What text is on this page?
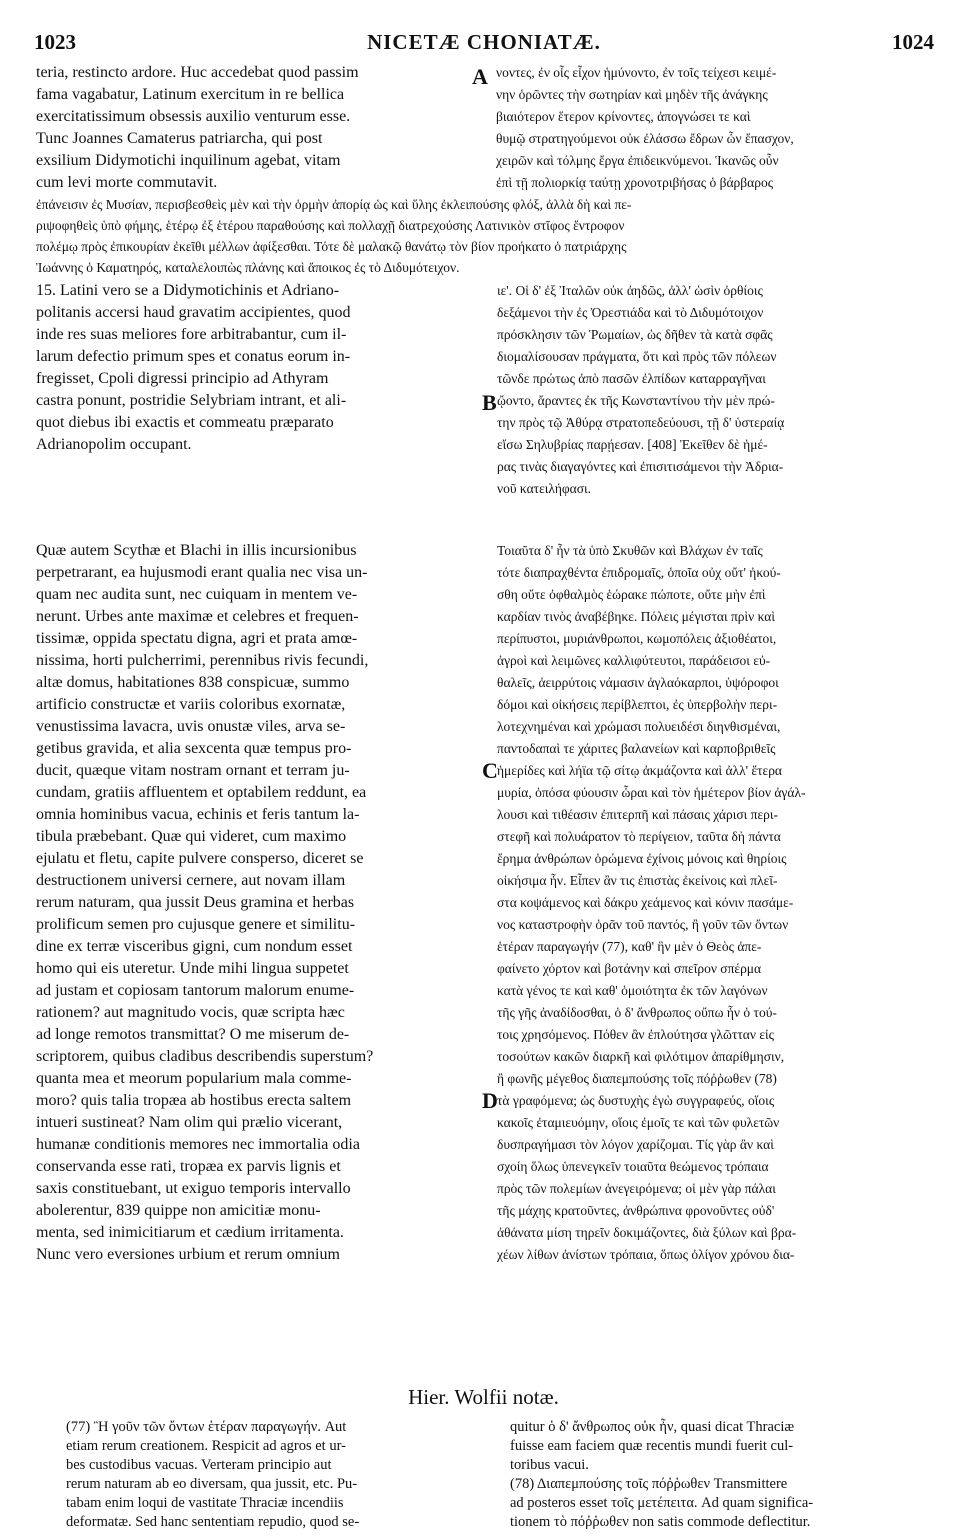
1023	NICETÆ CHONIATÆ.	1024
teria, restincto ardore. Huc accedebat quod passim
fama vagabatur, Latinum exercitum in re bellica
exercitatissimum obsessis auxilio venturum esse.
Tunc Joannes Camaterus patriarcha, qui post
exsilium Didymotichi inquilinum agebat, vitam
cum levi morte commutavit.
A νοντες, ἐν οἷς εἶχον ἡμύνοντο, ἐν τοῖς τείχεσι κειμέ-
νην ὁρῶντες τὴν σωτηρίαν καὶ μηδὲν τῆς ἀνάγκης
βιαιότερον ἕτερον κρίνοντες, ἀπογνώσει τε καὶ
θυμῷ στρατηγούμενοι οὐκ ἐλάσσω ἔδρων ὧν ἔπασχον,
χειρῶν καὶ τόλμης ἔργα ἐπιδεικνύμενοι. Ἱκανῶς οὖν
ἐπὶ τῇ πολιορκίᾳ ταύτῃ χρονοτριβήσας ὁ βάρβαρος
ἐπάνεισιν ἐς Μυσίαν, περισβεσθεὶς μὲν καὶ τὴν ὁρμὴν ἀπορίᾳ ὡς καὶ ὕλης ἐκλειπούσης φλόξ, ἀλλὰ δὴ καὶ πε-
ριψοφηθεὶς ὑπὸ φήμης, ἑτέρῳ ἐξ ἑτέρου παραθούσης καὶ πολλαχῇ διατρεχούσης Λατινικὸν στῖφος ἔντροφον
πολέμῳ πρὸς ἐπικουρίαν ἐκεῖθι μέλλων ἀφίξεσθαι. Τότε δὲ μαλακῷ θανάτῳ τὸν βίον προήκατο ὁ πατριάρχης
Ἰωάννης ὁ Καματηρός, καταλελοιπὼς πλάνης καὶ ἄποικος ἐς τὸ Διδυμότειχον.
15. Latini vero se a Didymotichinis et Adriano-
politanis accersi haud gravatim accipientes, quod
inde res suas meliores fore arbitrabantur, cum il-
larum defectio primum spes et conatus eorum in-
fregisset, Cpoli digressi principio ad Athyram
castra ponunt, postridie Selybriam intrant, et ali-
quot diebus ibi exactis et commeatu præparato
Adrianopolim occupant.
B
ιε'. Οἱ δ' ἐξ Ἰταλῶν οὐκ ἀηδῶς, ἀλλ' ὡσὶν ὀρθίοις
δεξάμενοι τὴν ἐς Ὀρεστιάδα καὶ τὸ Διδυμότοιχον
πρόσκλησιν τῶν Ῥωμαίων, ὡς δῆθεν τὰ κατὰ σφᾶς
διομαλίσουσαν πράγματα, ὅτι καὶ πρὸς τῶν πόλεων
τῶνδε πρώτως ἀπὸ πασῶν ἐλπίδων καταρραγῆναι
ᾤοντο, ἄραντες ἐκ τῆς Κωνσταντίνου τὴν μὲν πρώ-
την πρὸς τῷ Ἀθύρᾳ στρατοπεδεύουσι, τῇ δ' ὑστεραίᾳ
εἴσω Σηλυβρίας παρῄεσαν. [408] Ἐκεῖθεν δὲ ἡμέ-
ρας τινὰς διαγαγόντες καὶ ἐπισιτισάμενοι τὴν Ἀδρια-
νοῦ κατειλήφασι.
Quæ autem Scythæ et Blachi in illis incursionibus
perpetrarant, ea hujusmodi erant qualia nec visa un-
quam nec audita sunt, nec cuiquam in mentem ve-
nerunt. Urbes ante maximæ et celebres et frequen-
tissimæ, oppida spectatu digna, agri et prata amœ-
nissima, horti pulcherrimi, perennibus rivis fecundi,
altæ domus, habitationes 838 conspicuæ, summo
artificio constructæ et variis coloribus exornatæ,
venustissima lavacra, uvis onustæ viles, arva se-
getibus gravida, et alia sexcenta quæ tempus pro-
ducit, quæque vitam nostram ornant et terram ju-
cundam, gratiis affluentem et optabilem reddunt, ea
omnia hominibus vacua, echinis et feris tantum la-
tibula præbebant. Quæ qui videret, cum maximo
ejulatu et fletu, capite pulvere consperso, diceret se
destructionem universi cernere, aut novam illam
rerum naturam, qua jussit Deus gramina et herbas
prolificum semen pro cujusque genere et similitu-
dine ex terræ visceribus gigni, cum nondum esset
homo qui eis uteretur. Unde mihi lingua suppetet
ad justam et copiosam tantorum malorum enume-
rationem? aut magnitudo vocis, quæ scripta hæc
ad longe remotos transmittat? O me miserum de-
scriptorem, quibus cladibus describendis superstum?
quanta mea et meorum popularium mala comme-
moro? quis talia tropæa ab hostibus erecta saltem
intueri sustineat? Nam olim qui prælio vicerant,
humanæ conditionis memores nec immortalia odia
conservanda esse rati, tropæa ex parvis lignis et
saxis constituebant, ut exiguo temporis intervallo
abolerentur, 839 quippe non amicitiæ monu-
menta, sed inimicitiarum et cædium irritamenta.
Nunc vero eversiones urbium et rerum omnium
C
D
Τοιαῦτα δ' ἦν τὰ ὑπὸ Σκυθῶν καὶ Βλάχων ἐν ταῖς
τότε διαπραχθέντα ἐπιδρομαῖς, ὁποῖα οὐχ οὔτ' ἠκού-
σθη οὔτε ὀφθαλμὸς ἑώρακε πώποτε, οὔτε μὴν ἐπὶ
καρδίαν τινὸς ἀναβέβηκε. Πόλεις μέγισται πρὶν καὶ
περίπυστοι, μυριάνθρωποι, κωμοπόλεις ἀξιοθέατοι,
ἀγροὶ καὶ λειμῶνες καλλιφύτευτοι, παράδεισοι εὐ-
θαλεῖς, ἀειρρύτοις νάμασιν ἀγλαόκαρποι, ὑψόροφοι
δόμοι καὶ οἰκήσεις περίβλεπτοι, ἐς ὑπερβολὴν περι-
λοτεχνημέναι καὶ χρώμασι πολυειδέσι διηνθισμέναι,
παντοδαπαὶ τε χάριτες βαλανείων καὶ καρποβριθεῖς
ἡμερίδες καὶ λήϊα τῷ σίτῳ ἀκμάζοντα καὶ ἀλλ' ἕτερα
μυρία, ὁπόσα φύουσιν ὧραι καὶ τὸν ἡμέτερον βίον ἀγάλ-
λουσι καὶ τιθέασιν ἐπιτερπῆ καὶ πάσαις χάρισι περι-
στεφῆ καὶ πολυάρατον τὸ περίγειον, ταῦτα δὴ πάντα
ἔρημα ἀνθρώπων ὁρώμενα ἐχίνοις μόνοις καὶ θηρίοις
οἰκήσιμα ἦν. Εἶπεν ἂν τις ἐπιστὰς ἐκείνοις καὶ πλεῖ-
στα κοψάμενος καὶ δάκρυ χεάμενος καὶ κόνιν πασάμε-
νος καταστροφὴν ὁρᾶν τοῦ παντός, ἢ γοῦν τῶν ὄντων
ἑτέραν παραγωγήν (77), καθ' ἣν μὲν ὁ Θεὸς ἀπε-
φαίνετο χόρτον καὶ βοτάνην καὶ σπεῖρον σπέρμα
κατὰ γένος τε καὶ καθ' ὁμοιότητα ἐκ τῶν λαγόνων
τῆς γῆς ἀναδίδοσθαι, ὁ δ' ἄνθρωπος οὔπω ἦν ὁ τού-
τοις χρησόμενος. Πόθεν ἂν ἐπλούτησα γλῶτταν εἰς
τοσούτων κακῶν διαρκῆ καὶ φιλότιμον ἀπαρίθμησιν,
ἢ φωνῆς μέγεθος διαπεμπούσης τοῖς πόῤῥωθεν (78)
τὰ γραφόμενα; ὡς δυστυχὴς ἐγὼ συγγραφεύς, οἵοις
κακοῖς ἐταμιευόμην, οἵοις ἐμοῖς τε καὶ τῶν φυλετῶν
δυσπραγήμασι τὸν λόγον χαρίζομαι. Τίς γὰρ ἂν καὶ
σχοίη ὅλως ὑπενεγκεῖν τοιαῦτα θεώμενος τρόπαια
πρὸς τῶν πολεμίων ἀνεγειρόμενα; οἱ μὲν γὰρ πάλαι
τῆς μάχης κρατοῦντες, ἀνθρώπινα φρονοῦντες οὐδ'
ἀθάνατα μίση τηρεῖν δοκιμάζοντες, διὰ ξύλων καὶ βρα-
χέων λίθων ἀνίστων τρόπαια, ὅπως ὀλίγον χρόνου δια-
Hier. Wolfii notæ.
(77) Ἢ γοῦν τῶν ὄντων ἑτέραν παραγωγήν. Aut
etiam rerum creationem. Respicit ad agros et ur-
bes custodibus vacuas. Verteram principio aut
rerum naturam ab eo diversam, qua jussit, etc. Pu-
tabam enim loqui de vastitate Thraciæ incendiis
deformatæ. Sed hanc sententiam repudio, quod se-
quitur ὁ δ' ἄνθρωπος οὐκ ἦν, quasi dicat Thraciæ
fuisse eam faciem quæ recentis mundi fuerit cul-
toribus vacui.
(78) Διαπεμπούσης τοῖς πόῤῥωθεν Transmittere
ad posteros esset τοῖς μετέπειτα. Ad quam significa-
tionem τὸ πόῤῥωθεν non satis commode deflectitur.
